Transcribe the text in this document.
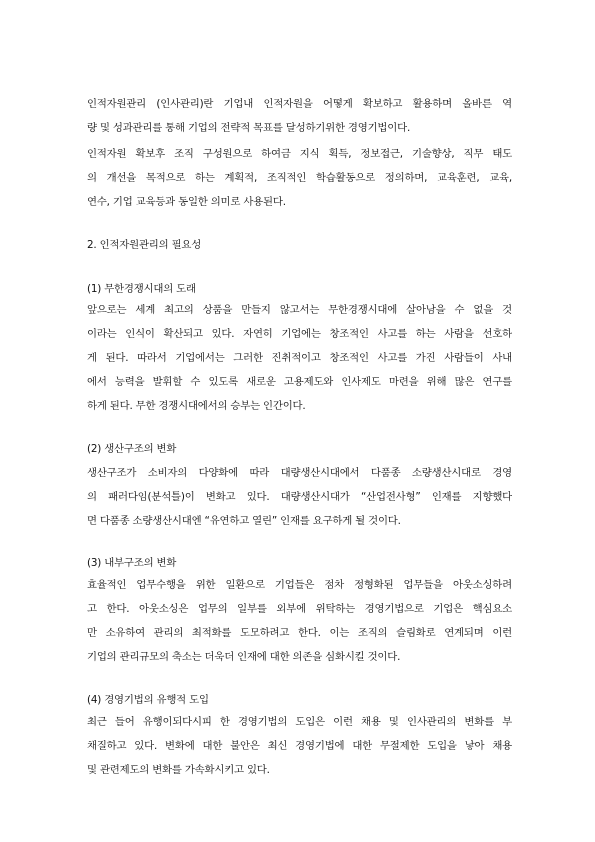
인적자원관리 (인사관리)란 기업내 인적자원을 어떻게 확보하고 활용하며 올바른 역
량 및 성과관리를 통해 기업의 전략적 목표를 달성하기위한 경영기법이다.
인적자원 확보후 조직 구성원으로 하여금 지식 획득, 정보접근, 기술향상, 직무 태도
의 개선을 목적으로 하는 계획적, 조직적인 학습활동으로 정의하며, 교육훈련, 교육,
연수, 기업 교육등과 동일한 의미로 사용된다.
2. 인적자원관리의 필요성
(1) 무한경쟁시대의 도래
앞으로는 세계 최고의 상품을 만들지 않고서는 무한경쟁시대에 살아남을 수 없을 것
이라는 인식이 확산되고 있다. 자연히 기업에는 창조적인 사고를 하는 사람을 선호하
게 된다. 따라서 기업에서는 그러한 진취적이고 창조적인 사고를 가진 사람들이 사내
에서 능력을 발휘할 수 있도록 새로운 고용제도와 인사제도 마련을 위해 많은 연구를
하게 된다. 무한 경쟁시대에서의 승부는 인간이다.
(2) 생산구조의 변화
생산구조가 소비자의 다양화에 따라 대량생산시대에서 다품종 소량생산시대로 경영
의 패러다임(분석틀)이 변화고 있다. 대량생산시대가 “산업전사형” 인재를 지향했다
면 다품종 소량생산시대엔 “유연하고 열린” 인재를 요구하게 될 것이다.
(3) 내부구조의 변화
효율적인 업무수행을 위한 일환으로 기업들은 점차 정형화된 업무들을 아웃소싱하려
고 한다. 아웃소싱은 업무의 일부를 외부에 위탁하는 경영기법으로 기업은 핵심요소
만 소유하여 관리의 최적화를 도모하려고 한다. 이는 조직의 슬림화로 연계되며 이런
기업의 관리규모의 축소는 더욱더 인재에 대한 의존을 심화시킬 것이다.
(4) 경영기법의 유행적 도입
최근 들어 유행이되다시피 한 경영기법의 도입은 이런 채용 및 인사관리의 변화를 부
채질하고 있다. 변화에 대한 불안은 최신 경영기법에 대한 무절제한 도입을 낳아 채용
및 관련제도의 변화를 가속화시키고 있다.
